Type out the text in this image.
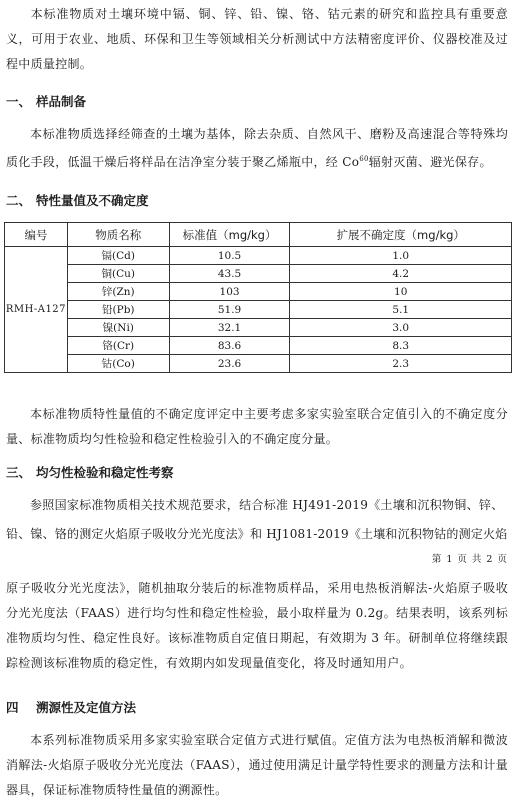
本标准物质对土壤环境中镉、铜、锌、铅、镍、铬、钴元素的研究和监控具有重要意义，可用于农业、地质、环保和卫生等领域相关分析测试中方法精密度评价、仪器校准及过程中质量控制。

一、 样品制备

本标准物质选择经筛查的土壤为基体，除去杂质、自然风干、磨粉及高速混合等特殊均质化手段，低温干燥后将样品在洁净室分装于聚乙烯瓶中，经 Co$^{60}$辐射灭菌、避光保存。

二、 特性量值及不确定度
编号	物质名称	标准值（mg/kg）	扩展不确定度（mg/kg）
RMH-A127	镉(Cd)	10.5	1.0
	铜(Cu)	43.5	4.2
	锌(Zn)	103	10
	铅(Pb)	51.9	5.1
	镍(Ni)	32.1	3.0
	铬(Cr)	83.6	8.3
	钴(Co)	23.6	2.3

本标准物质特性量值的不确定度评定中主要考虑多家实验室联合定值引入的不确定度分量、标准物质均匀性检验和稳定性检验引入的不确定度分量。

三、 均匀性检验和稳定性考察

参照国家标准物质相关技术规范要求，结合标准 HJ491-2019《土壤和沉积物铜、锌、

铅、镍、铬的测定火焰原子吸收分光光度法》和 HJ1081-2019《土壤和沉积物钴的测定火焰

第 1 页 共 2 页

原子吸收分光光度法》，随机抽取分装后的标准物质样品，采用电热板消解法-火焰原子吸收分光光度法（FAAS）进行均匀性和稳定性检验，最小取样量为 0.2g。结果表明，该系列标准物质均匀性、稳定性良好。该标准物质自定值日期起，有效期为 3 年。研制单位将继续跟踪检测该标准物质的稳定性，有效期内如发现量值变化，将及时通知用户。

四 溯源性及定值方法

本系列标准物质采用多家实验室联合定值方式进行赋值。定值方法为电热板消解和微波消解法-火焰原子吸收分光光度法（FAAS），通过使用满足计量学特性要求的测量方法和计量器具，保证标准物质特性量值的溯源性。
